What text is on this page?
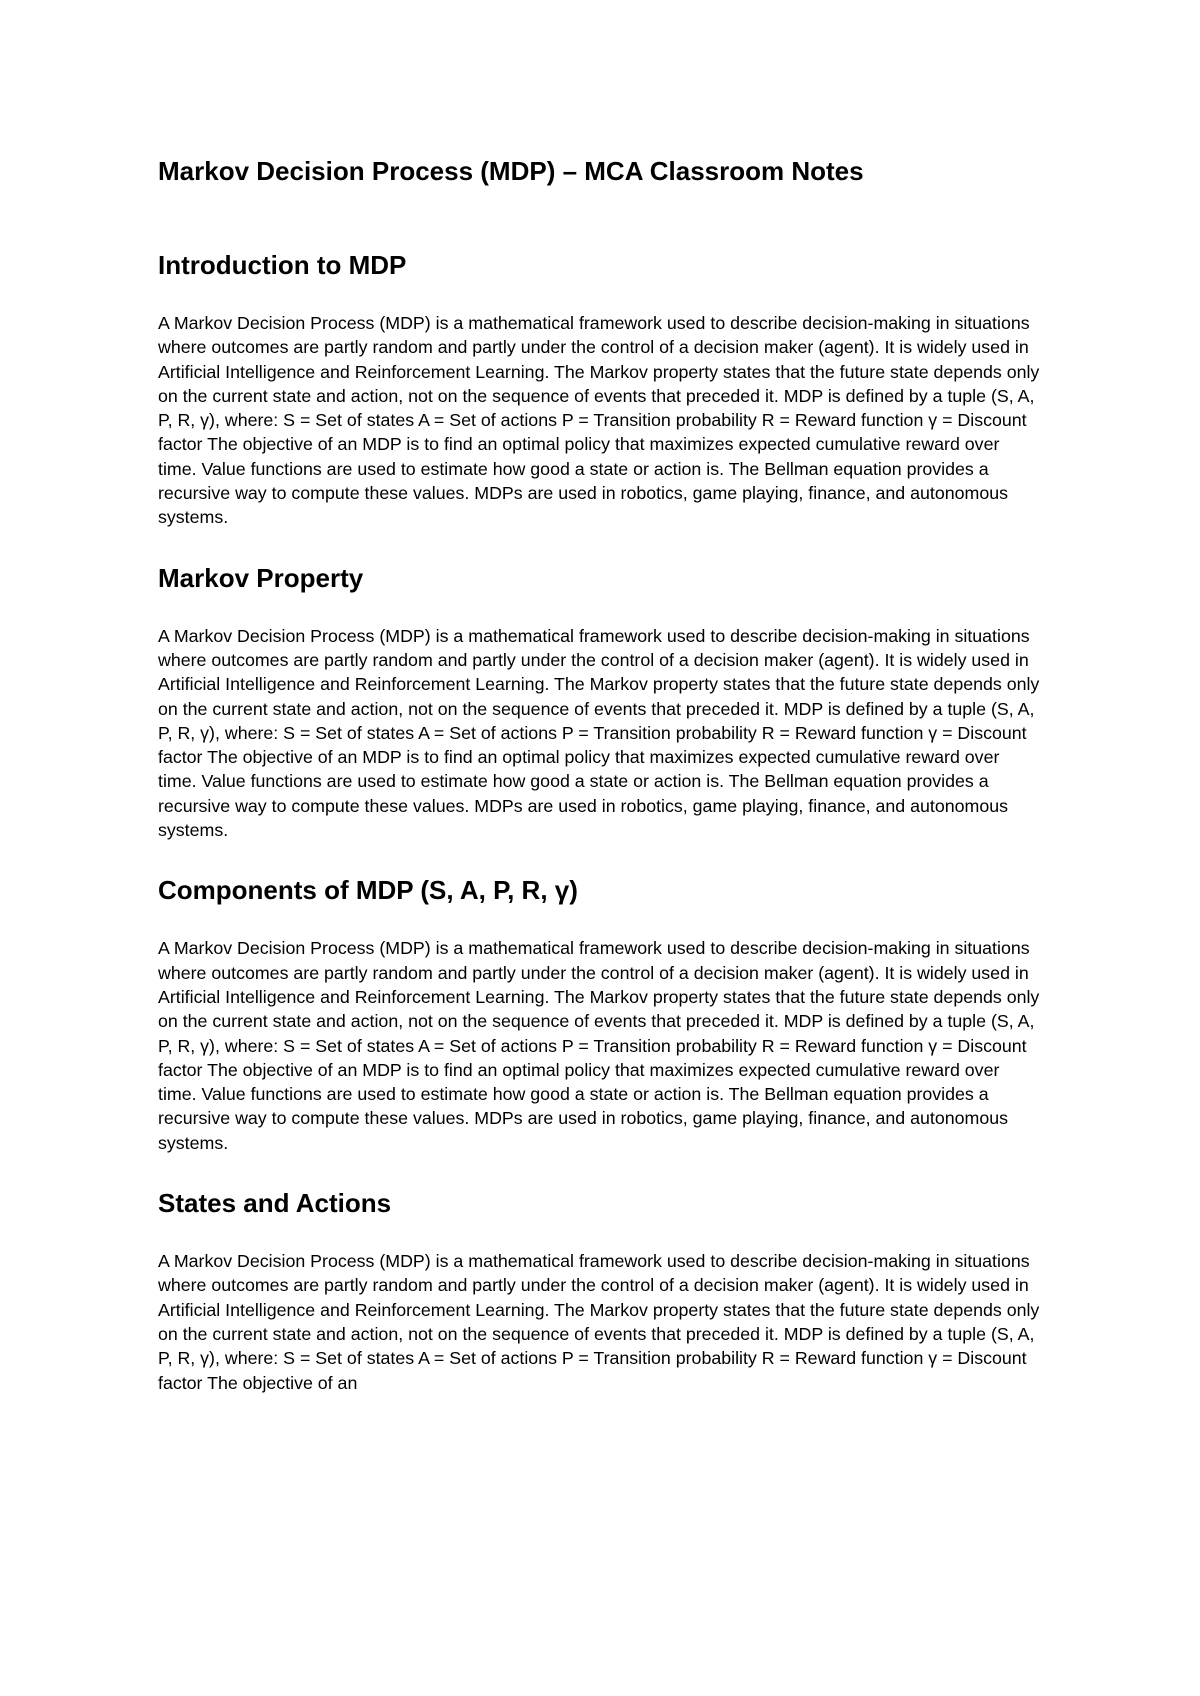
Markov Decision Process (MDP) – MCA Classroom Notes
Introduction to MDP

A Markov Decision Process (MDP) is a mathematical framework used to describe decision-making in situations where outcomes are partly random and partly under the control of a decision maker (agent). It is widely used in Artificial Intelligence and Reinforcement Learning. The Markov property states that the future state depends only on the current state and action, not on the sequence of events that preceded it. MDP is defined by a tuple (S, A, P, R, γ), where: S = Set of states A = Set of actions P = Transition probability R = Reward function γ = Discount factor The objective of an MDP is to find an optimal policy that maximizes expected cumulative reward over time. Value functions are used to estimate how good a state or action is. The Bellman equation provides a recursive way to compute these values. MDPs are used in robotics, game playing, finance, and autonomous systems.

Markov Property

A Markov Decision Process (MDP) is a mathematical framework used to describe decision-making in situations where outcomes are partly random and partly under the control of a decision maker (agent). It is widely used in Artificial Intelligence and Reinforcement Learning. The Markov property states that the future state depends only on the current state and action, not on the sequence of events that preceded it. MDP is defined by a tuple (S, A, P, R, γ), where: S = Set of states A = Set of actions P = Transition probability R = Reward function γ = Discount factor The objective of an MDP is to find an optimal policy that maximizes expected cumulative reward over time. Value functions are used to estimate how good a state or action is. The Bellman equation provides a recursive way to compute these values. MDPs are used in robotics, game playing, finance, and autonomous systems.

Components of MDP (S, A, P, R, γ)

A Markov Decision Process (MDP) is a mathematical framework used to describe decision-making in situations where outcomes are partly random and partly under the control of a decision maker (agent). It is widely used in Artificial Intelligence and Reinforcement Learning. The Markov property states that the future state depends only on the current state and action, not on the sequence of events that preceded it. MDP is defined by a tuple (S, A, P, R, γ), where: S = Set of states A = Set of actions P = Transition probability R = Reward function γ = Discount factor The objective of an MDP is to find an optimal policy that maximizes expected cumulative reward over time. Value functions are used to estimate how good a state or action is. The Bellman equation provides a recursive way to compute these values. MDPs are used in robotics, game playing, finance, and autonomous systems.

States and Actions

A Markov Decision Process (MDP) is a mathematical framework used to describe decision-making in situations where outcomes are partly random and partly under the control of a decision maker (agent). It is widely used in Artificial Intelligence and Reinforcement Learning. The Markov property states that the future state depends only on the current state and action, not on the sequence of events that preceded it. MDP is defined by a tuple (S, A, P, R, γ), where: S = Set of states A = Set of actions P = Transition probability R = Reward function γ = Discount factor The objective of an
